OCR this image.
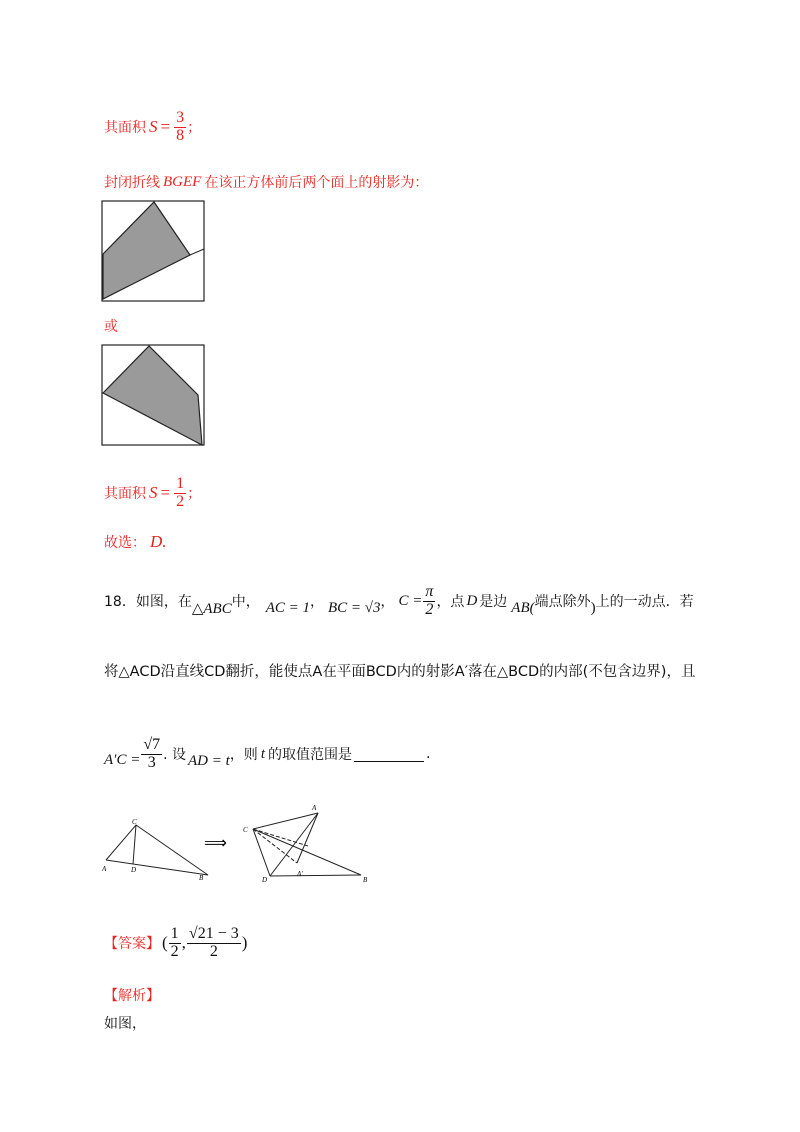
其面积 $S = \frac{3}{8}$ ；
封闭折线 BGEF 在该正方体前后两个面上的射影为：
或
其面积 $S = \frac{1}{2}$ ；
故选： D.
18．如图，在 △ABC 中， AC = 1 ， BC = √3 ， $C = \frac{\pi}{2}$ ，点 D 是边 AB( 端点除外 ) 上的一动点．若
将△ACD沿直线CD翻折，能使点A在平面BCD内的射影A′落在△BCD的内部(不包含边界)，且
$A'C = \frac{√7}{3}$ . 设 AD = t ，则 t 的取值范围是	.
C
A	D
B
⟹
A
C
D
A′
B
【答案】 ( $\frac{1}{2}$ , $\frac{√21 - 3}{2}$ )
【解析】
如图，
